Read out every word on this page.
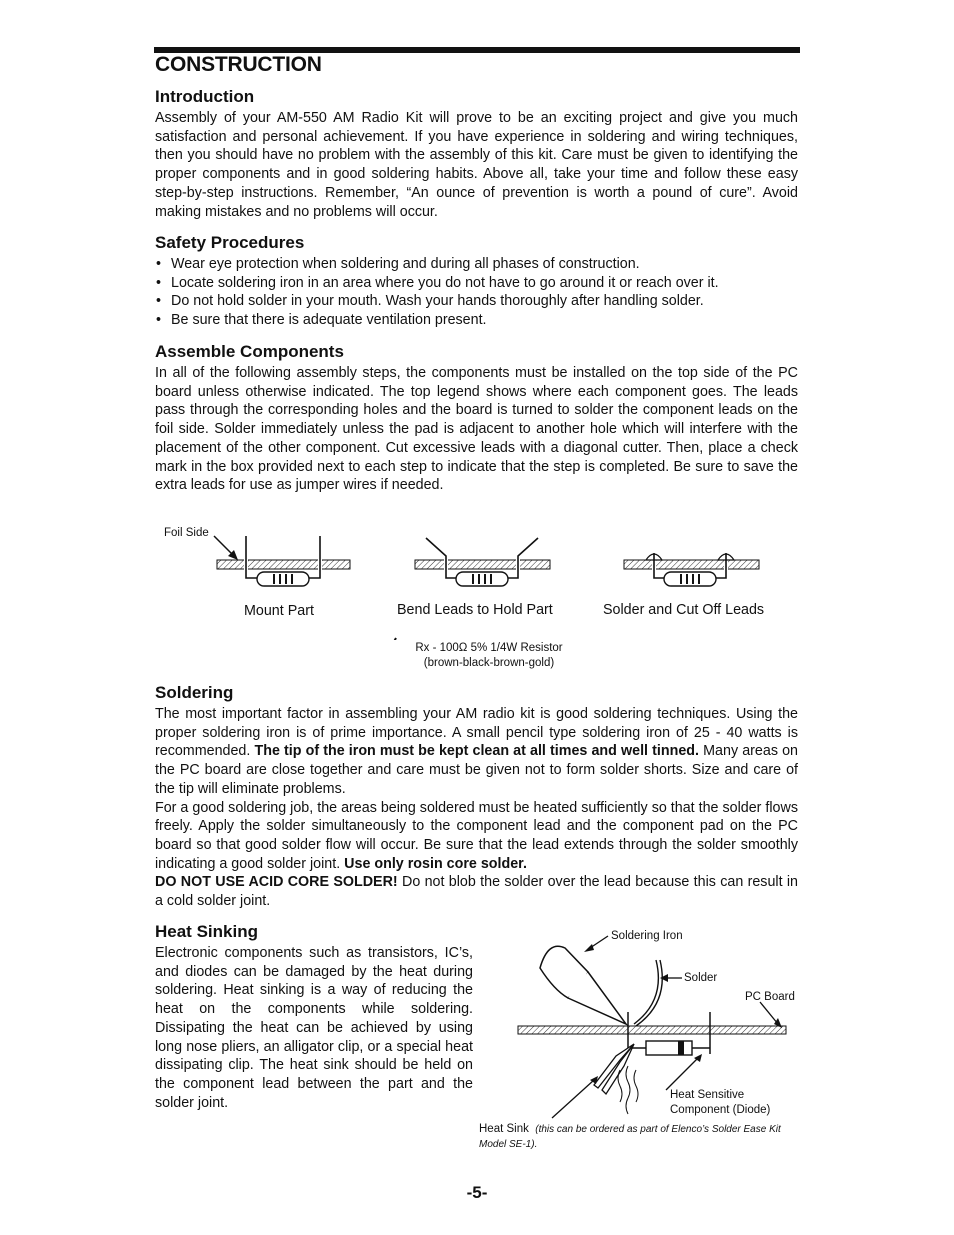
CONSTRUCTION
Introduction

Assembly of your AM-550 AM Radio Kit will prove to be an exciting project and give you much satisfaction and personal achievement. If you have experience in soldering and wiring techniques, then you should have no problem with the assembly of this kit. Care must be given to identifying the proper components and in good soldering habits. Above all, take your time and follow these easy step-by-step instructions. Remember, “An ounce of prevention is worth a pound of cure”. Avoid making mistakes and no problems will occur.

Safety Procedures
• Wear eye protection when soldering and during all phases of construction.
• Locate soldering iron in an area where you do not have to go around it or reach over it.
• Do not hold solder in your mouth. Wash your hands thoroughly after handling solder.
• Be sure that there is adequate ventilation present.
Assemble Components

In all of the following assembly steps, the components must be installed on the top side of the PC board unless otherwise indicated. The top legend shows where each component goes. The leads pass through the corresponding holes and the board is turned to solder the component leads on the foil side. Solder immediately unless the pad is adjacent to another hole which will interfere with the placement of the other component. Cut excessive leads with a diagonal cutter. Then, place a check mark in the box provided next to each step to indicate that the step is completed. Be sure to save the extra leads for use as jumper wires if needed.

Foil Side
Mount Part	Bend Leads to Hold Part	Solder and Cut Off Leads
Rx - 100Ω 5% 1/4W Resistor
(brown-black-brown-gold)
Soldering

The most important factor in assembling your AM radio kit is good soldering techniques. Using the proper soldering iron is of prime importance. A small pencil type soldering iron of 25 - 40 watts is recommended. The tip of the iron must be kept clean at all times and well tinned. Many areas on the PC board are close together and care must be given not to form solder shorts. Size and care of the tip will eliminate problems.

For a good soldering job, the areas being soldered must be heated sufficiently so that the solder flows freely. Apply the solder simultaneously to the component lead and the component pad on the PC board so that good solder flow will occur. Be sure that the lead extends through the solder smoothly indicating a good solder joint. Use only rosin core solder.

DO NOT USE ACID CORE SOLDER! Do not blob the solder over the lead because this can result in a cold solder joint.

Heat Sinking

Electronic components such as transistors, IC’s, and diodes can be damaged by the heat during soldering. Heat sinking is a way of reducing the heat on the components while soldering. Dissipating the heat can be achieved by using long nose pliers, an alligator clip, or a special heat dissipating clip. The heat sink should be held on the component lead between the part and the solder joint.

Soldering Iron
Solder
PC Board
Heat Sensitive
Component (Diode)
Heat Sink (this can be ordered as part of Elenco’s Solder Ease Kit Model SE-1).
-5-
